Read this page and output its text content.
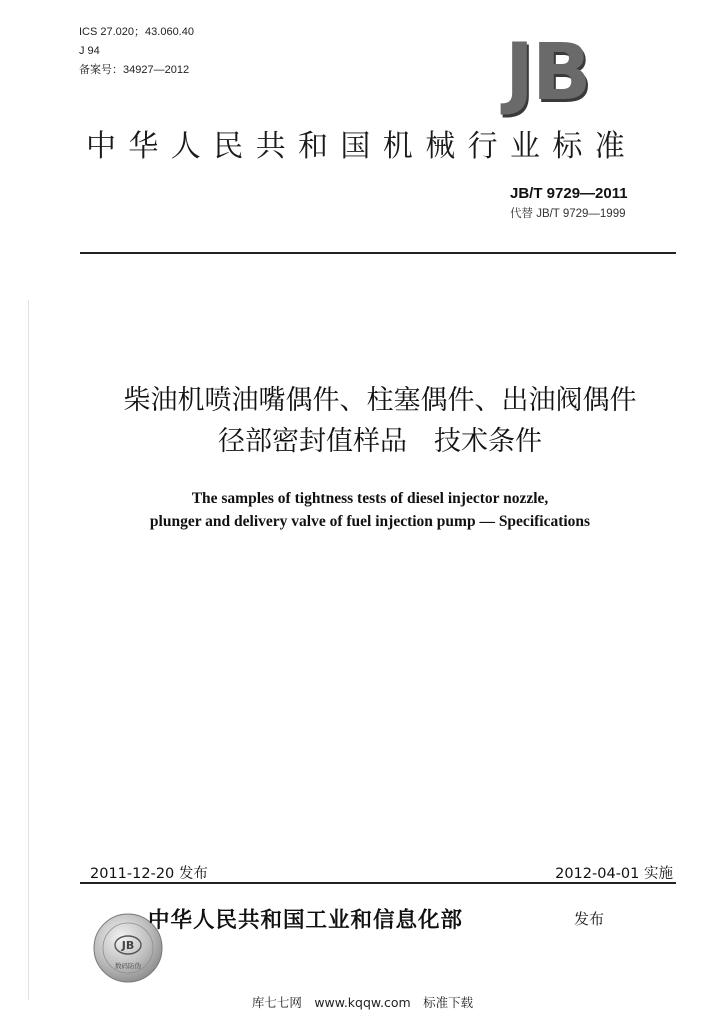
ICS 27.020；43.060.40
J 94
备案号：34927—2012	JB
中华人民共和国机械行业标准
JB/T 9729—2011
代替 JB/T 9729—1999
柴油机喷油嘴偶件、柱塞偶件、出油阀偶件
径部密封值样品　技术条件
The samples of tightness tests of diesel injector nozzle,
plunger and delivery valve of fuel injection pump — Specifications
2011-12-20 发布	2012-04-01 实施
JB
数码防伪
中华人民共和国工业和信息化部	发布
库七七网　www.kqqw.com　标准下载
